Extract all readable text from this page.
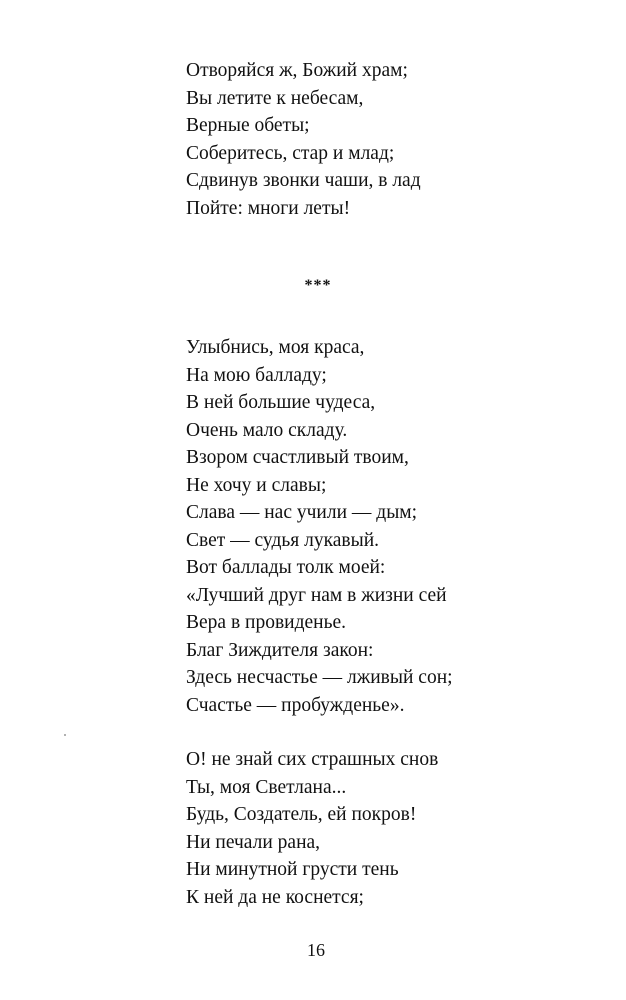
Отворяйся ж, Божий храм;
Вы летите к небесам,
Верные обеты;
Соберитесь, стар и млад;
Сдвинув звонки чаши, в лад
Пойте: многи леты!
***
Улыбнись, моя краса,
На мою балладу;
В ней большие чудеса,
Очень мало складу.
Взором счастливый твоим,
Не хочу и славы;
Слава — нас учили — дым;
Свет — судья лукавый.
Вот баллады толк моей:
«Лучший друг нам в жизни сей
Вера в провиденье.
Благ Зиждителя закон:
Здесь несчастье — лживый сон;
Счастье — пробужденье».
О! не знай сих страшных снов
Ты, моя Светлана...
Будь, Создатель, ей покров!
Ни печали рана,
Ни минутной грусти тень
К ней да не коснется;
16
